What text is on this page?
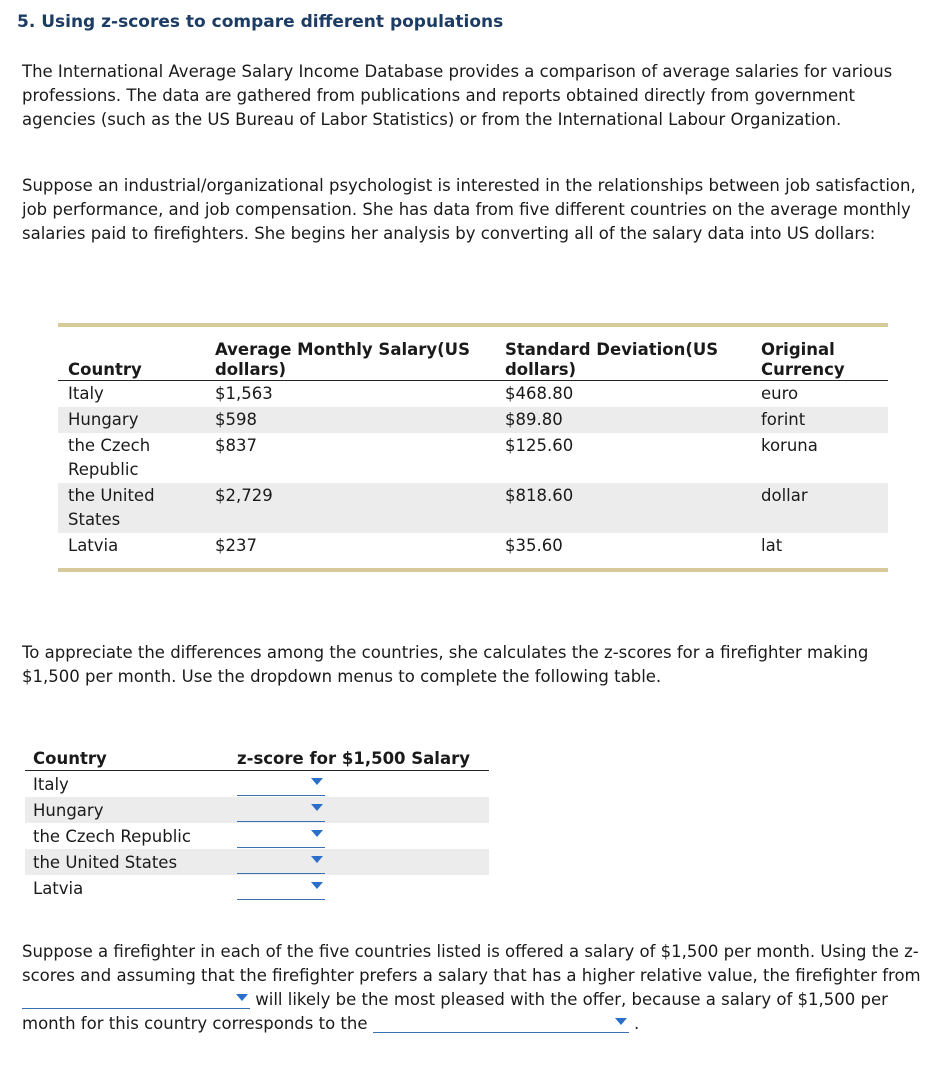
5. Using z-scores to compare different populations
The International Average Salary Income Database provides a comparison of average salaries for various professions. The data are gathered from publications and reports obtained directly from government agencies (such as the US Bureau of Labor Statistics) or from the International Labour Organization.
Suppose an industrial/organizational psychologist is interested in the relationships between job satisfaction, job performance, and job compensation. She has data from five different countries on the average monthly salaries paid to firefighters. She begins her analysis by converting all of the salary data into US dollars:
Country	Average Monthly Salary(US dollars)	Standard Deviation(US dollars)	Original Currency
Italy	$1,563	$468.80	euro
Hungary	$598	$89.80	forint
the Czech Republic	$837	$125.60	koruna
the United States	$2,729	$818.60	dollar
Latvia	$237	$35.60	lat
To appreciate the differences among the countries, she calculates the z-scores for a firefighter making $1,500 per month. Use the dropdown menus to complete the following table.
Country	z-score for $1,500 Salary
Italy	

Hungary	

the Czech Republic	

the United States	

Latvia	
Suppose a firefighter in each of the five countries listed is offered a salary of $1,500 per month. Using the z-scores and assuming that the firefighter prefers a salary that has a higher relative value, the firefighter from
will likely be the most pleased with the offer, because a salary of $1,500 per month for this country corresponds to the	.
